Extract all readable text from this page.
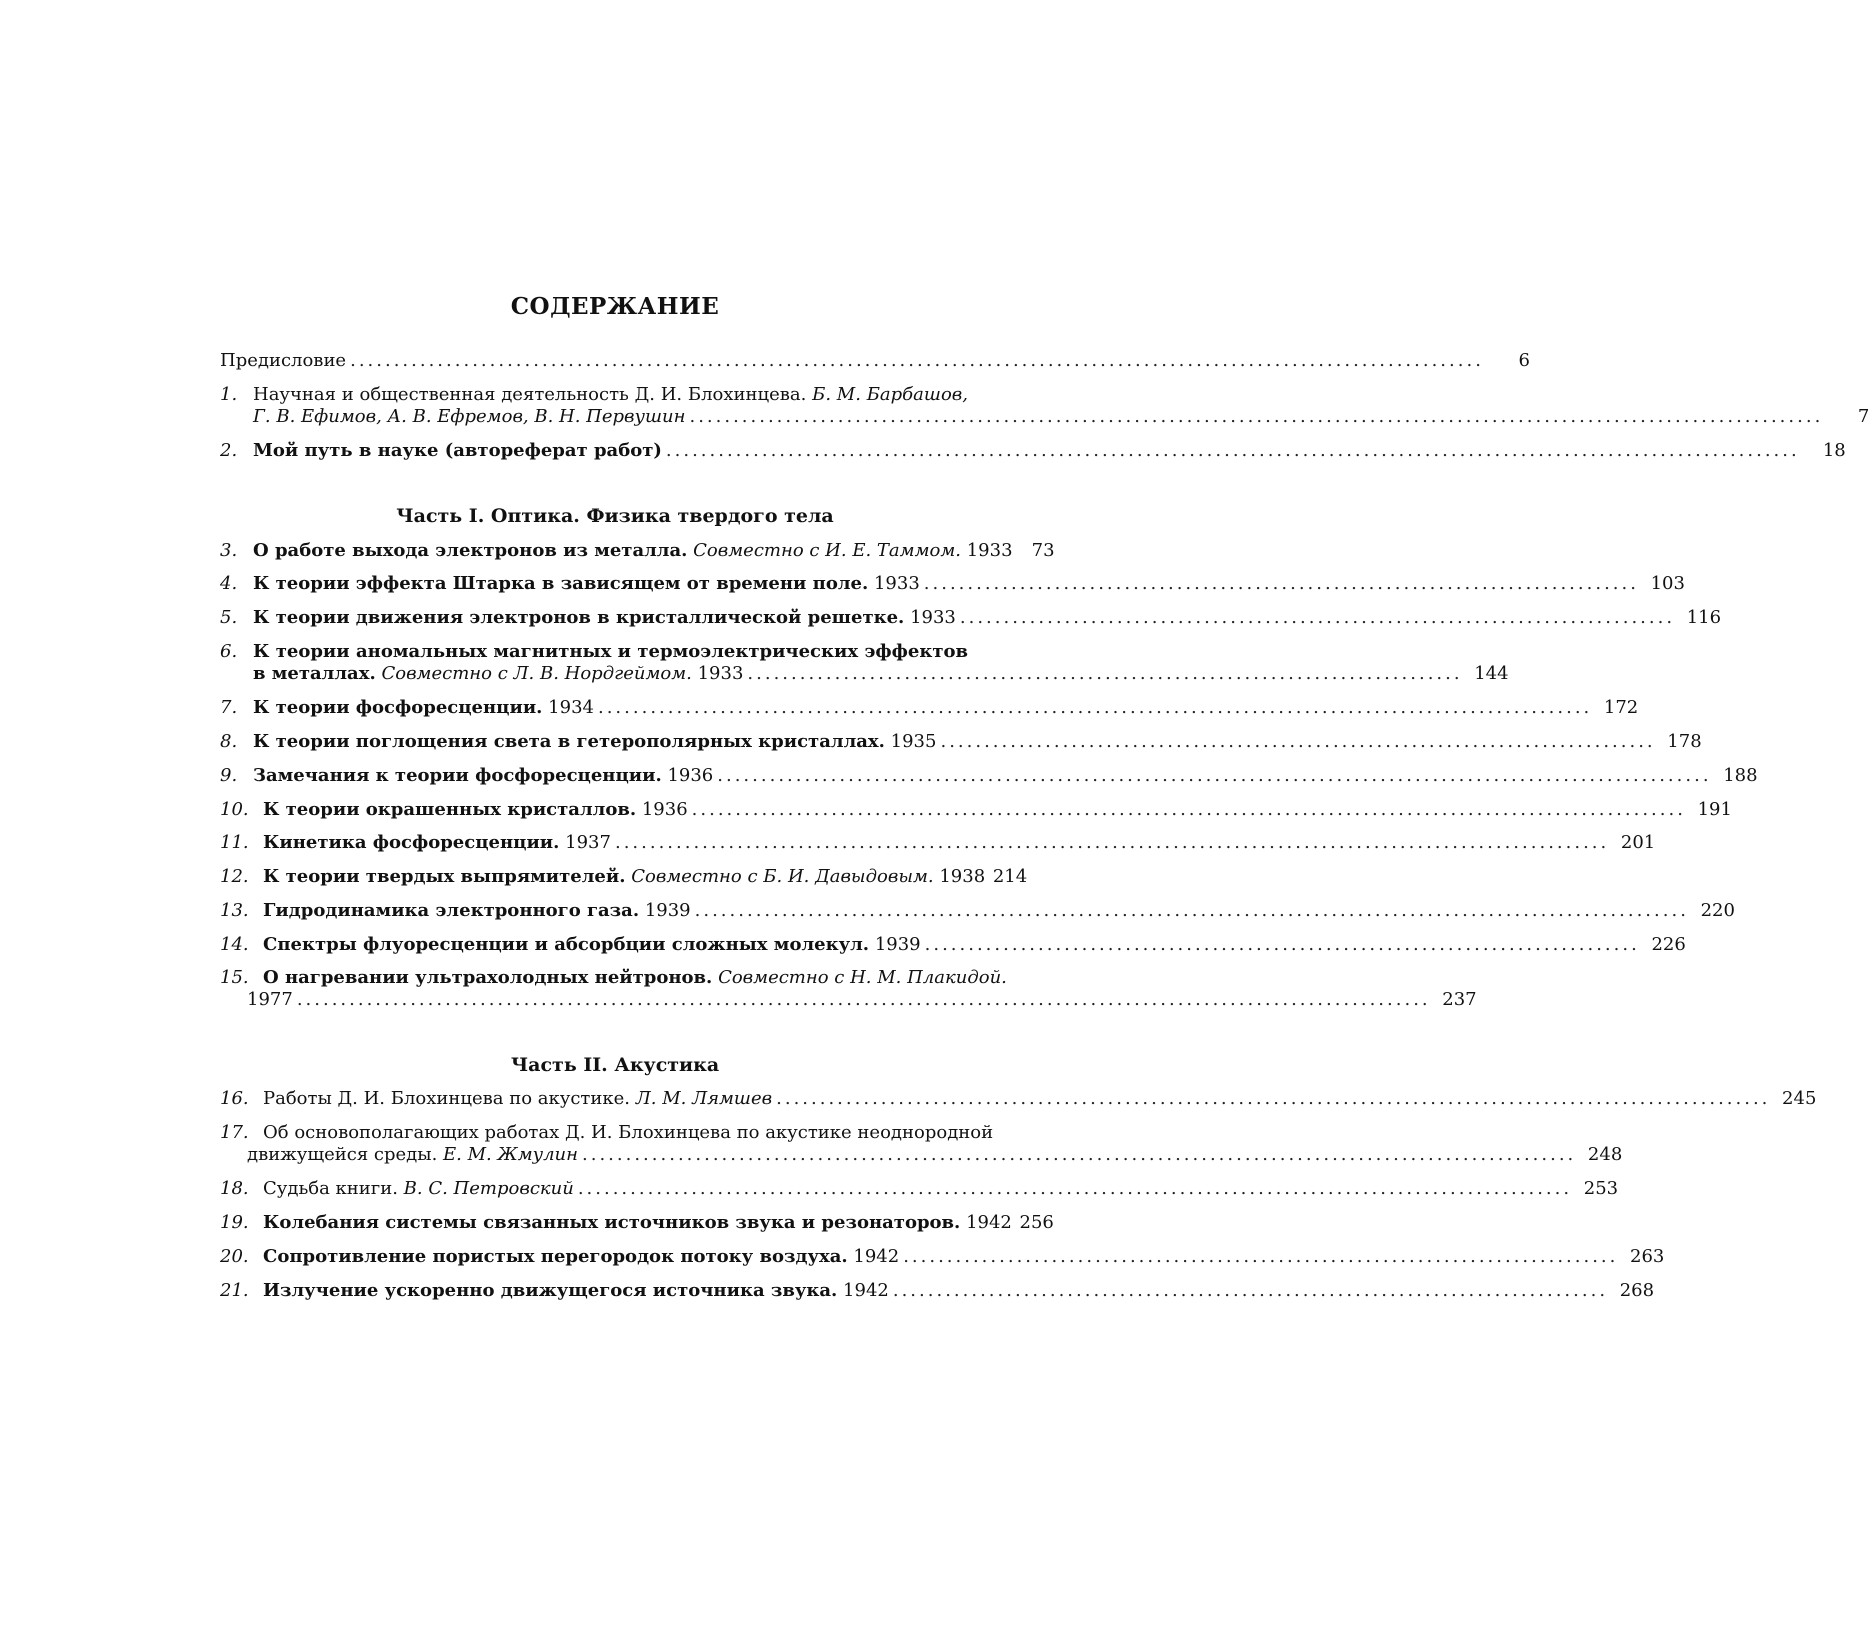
СОДЕРЖАНИЕ
Предисловие ..................................................................................................................................	6
1. Научная и общественная деятельность Д. И. Блохинцева. Б. М. Барбашов,
Г. В. Ефимов, А. В. Ефремов, В. Н. Первушин ..................................................................................................................................	7
2. Мой путь в науке (автореферат работ) ..................................................................................................................................	18
Часть I. Оптика. Физика твердого тела
3. О работе выхода электронов из металла. Совместно с И. Е. Таммом. 1933	73
4. К теории эффекта Штарка в зависящем от времени поле. 1933 .................................................................................. 103
5. К теории движения электронов в кристаллической решетке. 1933 .................................................................................. 116
6. К теории аномальных магнитных и термоэлектрических эффектов
в металлах. Совместно с Л. В. Нордгеймом. 1933 .................................................................................. 144
7. К теории фосфоресценции. 1934 .................................................................................................................. 172
8. К теории поглощения света в гетерополярных кристаллах. 1935 .................................................................................. 178
9. Замечания к теории фосфоресценции. 1936 .................................................................................................................. 188
10. К теории окрашенных кристаллов. 1936 .................................................................................................................. 191
11. Кинетика фосфоресценции. 1937 .................................................................................................................. 201
12. К теории твердых выпрямителей. Совместно с Б. И. Давыдовым. 1938 214
13. Гидродинамика электронного газа. 1939 .................................................................................................................. 220
14. Спектры флуоресценции и абсорбции сложных молекул. 1939 .................................................................................. 226
15. О нагревании ультрахолодных нейтронов. Совместно с Н. М. Плакидой.
1977 .................................................................................................................................. 237
Часть II. Акустика
16. Работы Д. И. Блохинцева по акустике. Л. М. Лямшев .................................................................................................................. 245
17. Об основополагающих работах Д. И. Блохинцева по акустике неоднородной
движущейся среды. Е. М. Жмулин .................................................................................................................. 248
18. Судьба книги. В. С. Петровский .................................................................................................................. 253
19. Колебания системы связанных источников звука и резонаторов. 1942 256
20. Сопротивление пористых перегородок потоку воздуха. 1942 .................................................................................. 263
21. Излучение ускоренно движущегося источника звука. 1942 .................................................................................. 268
